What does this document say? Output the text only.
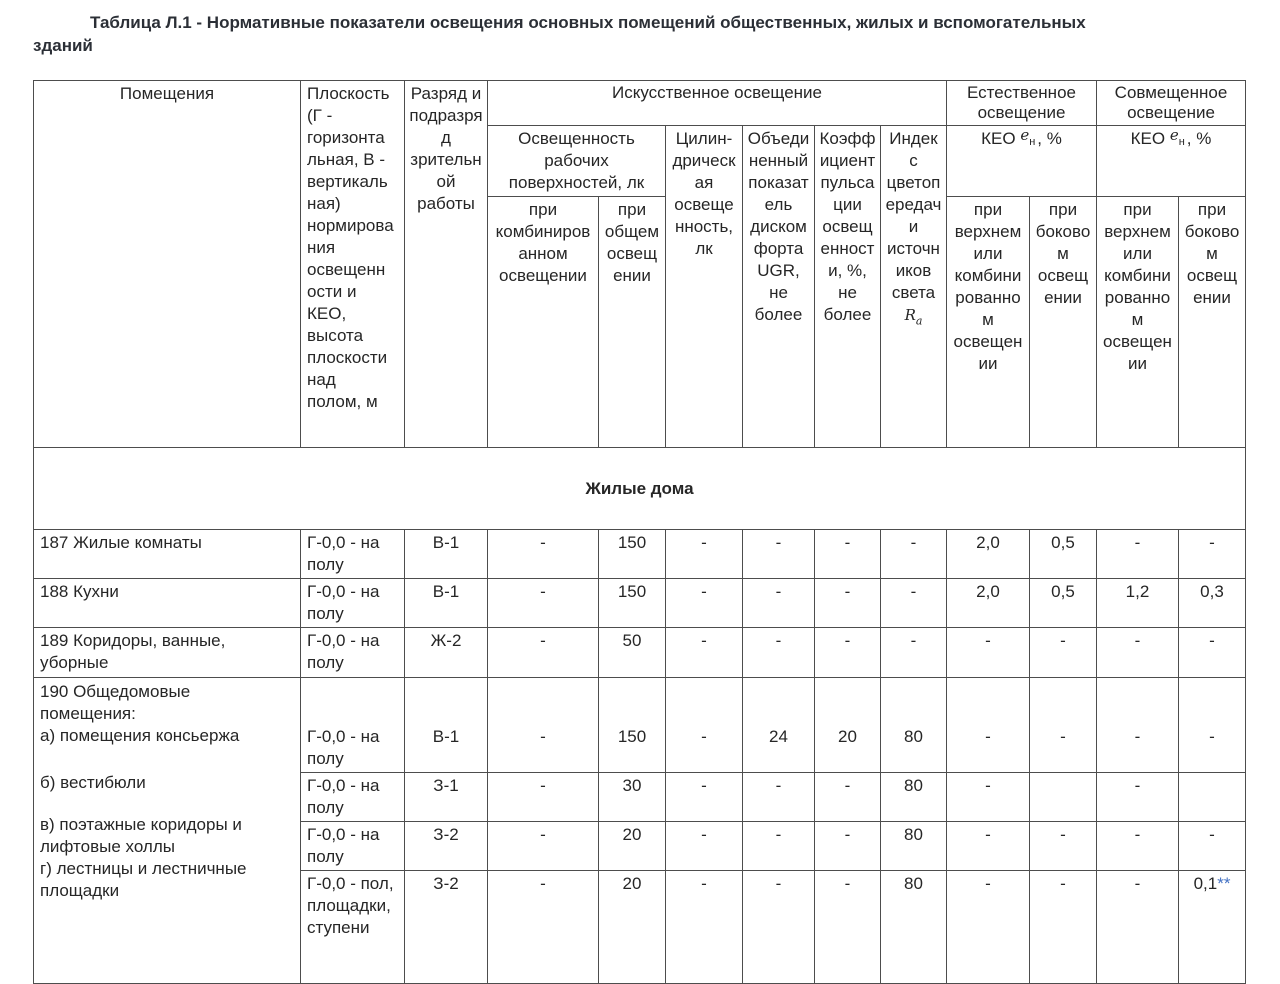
Таблица Л.1 - Нормативные показатели освещения основных помещений общественных, жилых и вспомогательных
зданий
Помещения	Плоскость (Г - горизонтальная, В - вертикальная) нормирования освещенности и КЕО, высота плоскости над полом, м	Разряд и подразряд зрительной работы	Искусственное освещение						Естественное освещение		Совмещенное освещение	
			Освещенность рабочих поверхностей, лк		Цилин-дрическая освещенность, лк	Объединенный показатель дискомфорта UGR, не более	Коэффициент пульсации освещенности, %, не более	Индекс цветопередачи источников света $R_a$	КЕО ен , %		КЕО ен , %	
			при комбинированном освещении	при общем освещении					при верхнем или комбинированном освещении	при боковом освещении	при верхнем или комбинированном освещении	при боковом освещении
Жилые дома												
187 Жилые комнаты	Г-0,0 - на полу	В-1	-	150	-	-	-	-	2,0	0,5	-	-
188 Кухни	Г-0,0 - на полу	В-1	-	150	-	-	-	-	2,0	0,5	1,2	0,3
189 Коридоры, ванные, уборные	Г-0,0 - на полу	Ж-2	-	50	-	-	-	-	-	-	-	-

190 Общедомовые помещения:
а) помещения консьержа
б) вестибюли
в) поэтажные коридоры и лифтовые холлы
г) лестницы и лестничные площадки	Г-0,0 - на полу	В-1	-	150	-	24	20	80	-	-	-	-
	Г-0,0 - на полу	З-1	-	30	-	-	-	80	-		-	
	Г-0,0 - на полу	З-2	-	20	-	-	-	80	-	-	-	-
	Г-0,0 - пол, площадки, ступени	З-2	-	20	-	-	-	80	-	-	-	0,1**
